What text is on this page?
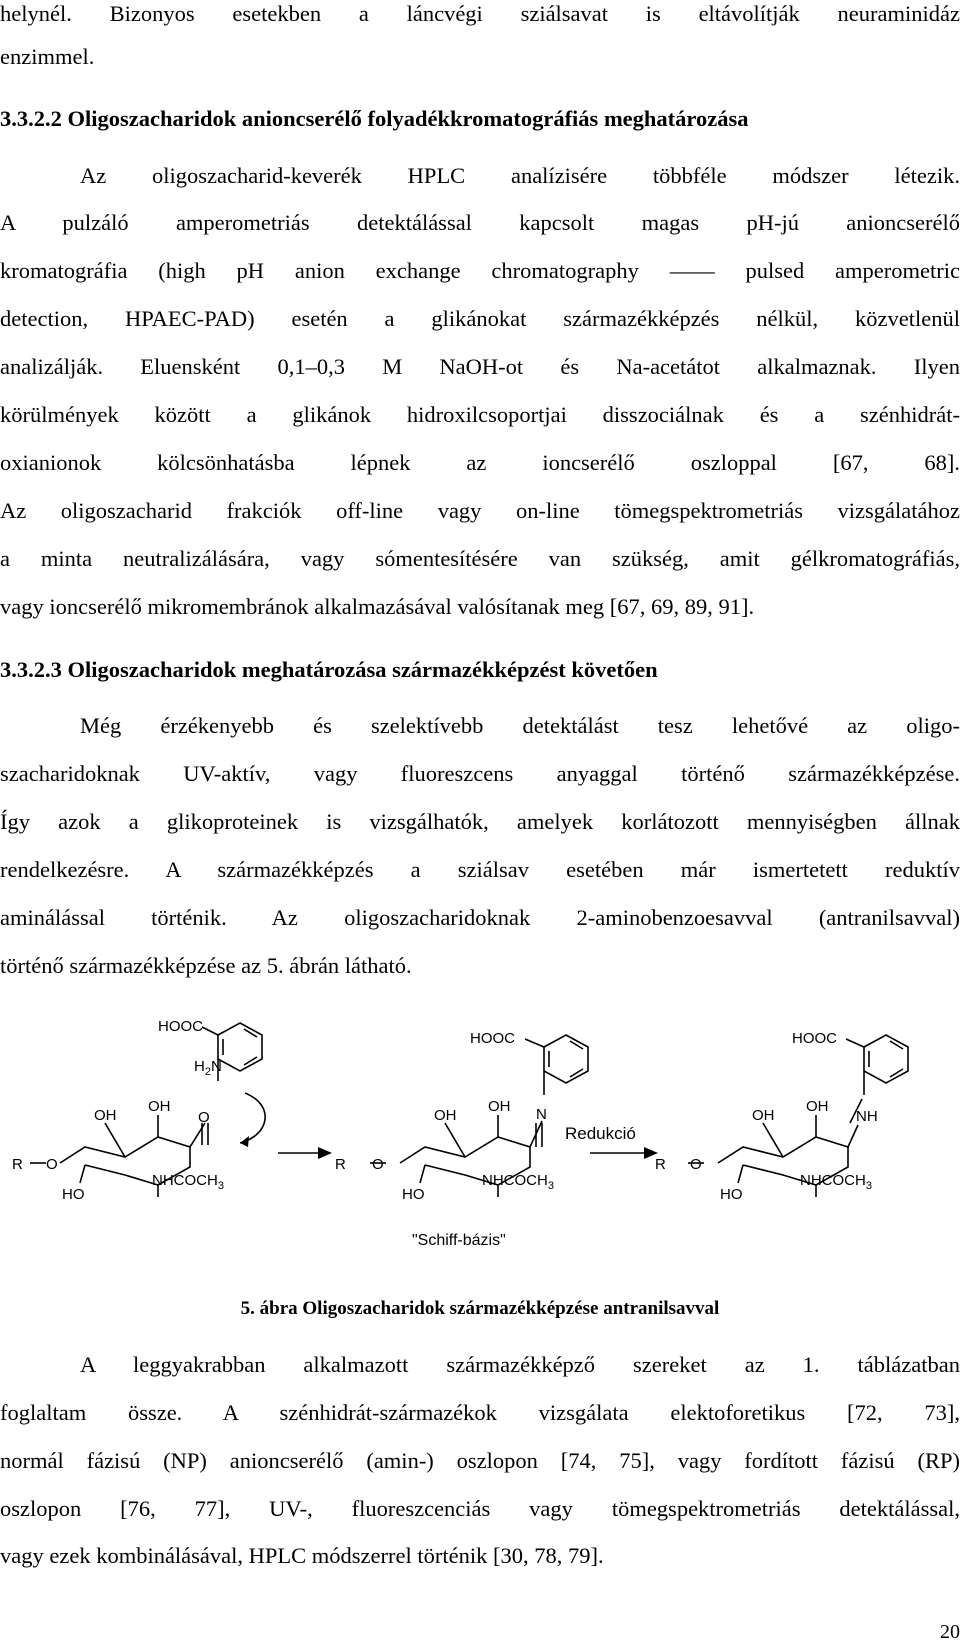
helynél. Bizonyos esetekben a láncvégi sziálsavat is eltávolítják neuraminidáz
enzimmel.
3.3.2.2 Oligoszacharidok anioncserélő folyadékkromatográfiás meghatározása
Az oligoszacharid-keverék HPLC analízisére többféle módszer létezik.
A pulzáló amperometriás detektálással kapcsolt magas pH-jú anioncserélő
kromatográfia (high pH anion exchange chromatography —— pulsed amperometric
detection, HPAEC-PAD) esetén a glikánokat származékképzés nélkül, közvetlenül
analizálják. Eluensként 0,1–0,3 M NaOH-ot és Na-acetátot alkalmaznak. Ilyen
körülmények között a glikánok hidroxilcsoportjai disszociálnak és a szénhidrát-
oxianionok kölcsönhatásba lépnek az ioncserélő oszloppal [67, 68].
Az oligoszacharid frakciók off-line vagy on-line tömegspektrometriás vizsgálatához
a minta neutralizálására, vagy sómentesítésére van szükség, amit gélkromatográfiás,
vagy ioncserélő mikromembránok alkalmazásával valósítanak meg [67, 69, 89, 91].
3.3.2.3 Oligoszacharidok meghatározása származékképzést követően
Még érzékenyebb és szelektívebb detektálást tesz lehetővé az oligo-
szacharidoknak UV-aktív, vagy fluoreszcens anyaggal történő származékképzése.
Így azok a glikoproteinek is vizsgálhatók, amelyek korlátozott mennyiségben állnak
rendelkezésre. A származékképzés a sziálsav esetében már ismertetett reduktív
aminálással történik. Az oligoszacharidoknak 2-aminobenzoesavval (antranilsavval)
történő származékképzése az 5. ábrán látható.
HOOC
$H_2N$
OH
OH
O
R O
HO
$NHCOCH_3$
HOOC
OH
OH N
R O
HO
$NHCOCH_3$
Redukció
HOOC
OH
OH
NH
R O
HO
$NHCOCH_3$
"Schiff-bázis"
5. ábra Oligoszacharidok származékképzése antranilsavval
A leggyakrabban alkalmazott származékképző szereket az 1. táblázatban
foglaltam össze. A szénhidrát-származékok vizsgálata elektoforetikus [72, 73],
normál fázisú (NP) anioncserélő (amin-) oszlopon [74, 75], vagy fordított fázisú (RP)
oszlopon [76, 77], UV-, fluoreszcenciás vagy tömegspektrometriás detektálással,
vagy ezek kombinálásával, HPLC módszerrel történik [30, 78, 79].
20
